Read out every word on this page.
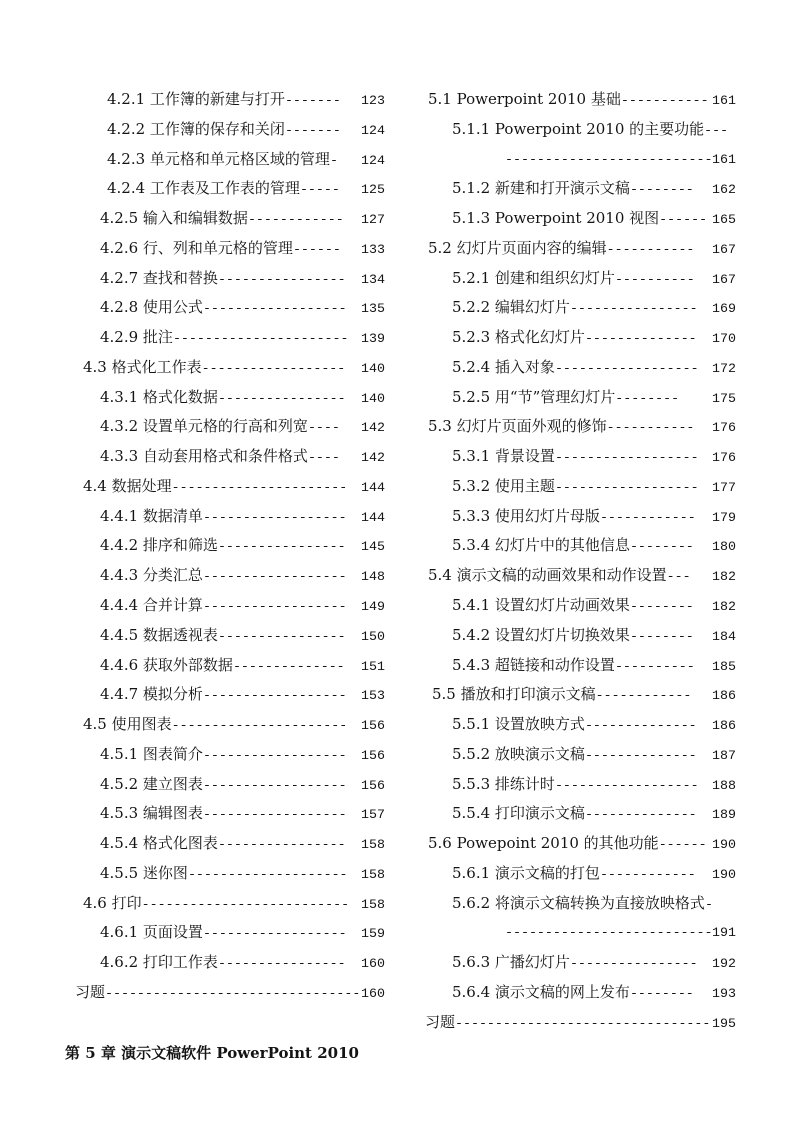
4.2.1 工作簿的新建与打开 -------	123
4.2.2 工作簿的保存和关闭 -------	124
4.2.3 单元格和单元格区域的管理 -	124
4.2.4 工作表及工作表的管理 -----	125
4.2.5 输入和编辑数据 ------------	127
4.2.6 行、列和单元格的管理 ------	133
4.2.7 查找和替换 ----------------	134
4.2.8 使用公式 ------------------	135
4.2.9 批注 ---------------------- 139
4.3 格式化工作表 ------------------	140
4.3.1 格式化数据 ----------------	140
4.3.2 设置单元格的行高和列宽 ----	142
4.3.3 自动套用格式和条件格式 ----	142
4.4 数据处理 ----------------------	144
4.4.1 数据清单 ------------------	144
4.4.2 排序和筛选 ----------------	145
4.4.3 分类汇总 ------------------	148
4.4.4 合并计算 ------------------	149
4.4.5 数据透视表 ----------------	150
4.4.6 获取外部数据 --------------	151
4.4.7 模拟分析 ------------------	153
4.5 使用图表 ----------------------	156
4.5.1 图表简介 ------------------	156
4.5.2 建立图表 ------------------	156
4.5.3 编辑图表 ------------------	157
4.5.4 格式化图表 ----------------	158
4.5.5 迷你图 --------------------	158
4.6 打印 -------------------------- 158
4.6.1 页面设置 ------------------	159
4.6.2 打印工作表 ----------------	160
习题 -------------------------------- 160
5.1 Powerpoint 2010 基础 ----------- 161
5.1.1 Powerpoint 2010 的主要功能 ---
-------------------------- 161
5.1.2 新建和打开演示文稿 --------	162
5.1.3 Powerpoint 2010 视图 ------ 165
5.2 幻灯片页面内容的编辑 -----------	167
5.2.1 创建和组织幻灯片 ----------	167
5.2.2 编辑幻灯片 ----------------	169
5.2.3 格式化幻灯片 --------------	170
5.2.4 插入对象 ------------------	172
5.2.5 用“节”管理幻灯片 --------	175
5.3 幻灯片页面外观的修饰 -----------	176
5.3.1 背景设置 ------------------	176
5.3.2 使用主题 ------------------	177
5.3.3 使用幻灯片母版 ------------	179
5.3.4 幻灯片中的其他信息 --------	180
5.4 演示文稿的动画效果和动作设置 ---	182
5.4.1 设置幻灯片动画效果 --------	182
5.4.2 设置幻灯片切换效果 --------	184
5.4.3 超链接和动作设置 ----------	185
5.5 播放和打印演示文稿 ------------	186
5.5.1 设置放映方式 --------------	186
5.5.2 放映演示文稿 --------------	187
5.5.3 排练计时 ------------------	188
5.5.4 打印演示文稿 --------------	189
5.6 Powepoint 2010 的其他功能 ------ 190
5.6.1 演示文稿的打包 ------------	190
5.6.2 将演示文稿转换为直接放映格式 -
-------------------------- 191
5.6.3 广播幻灯片 ----------------	192
5.6.4 演示文稿的网上发布 --------	193
习题 -------------------------------- 195
第 5 章 演示文稿软件 PowerPoint 2010
